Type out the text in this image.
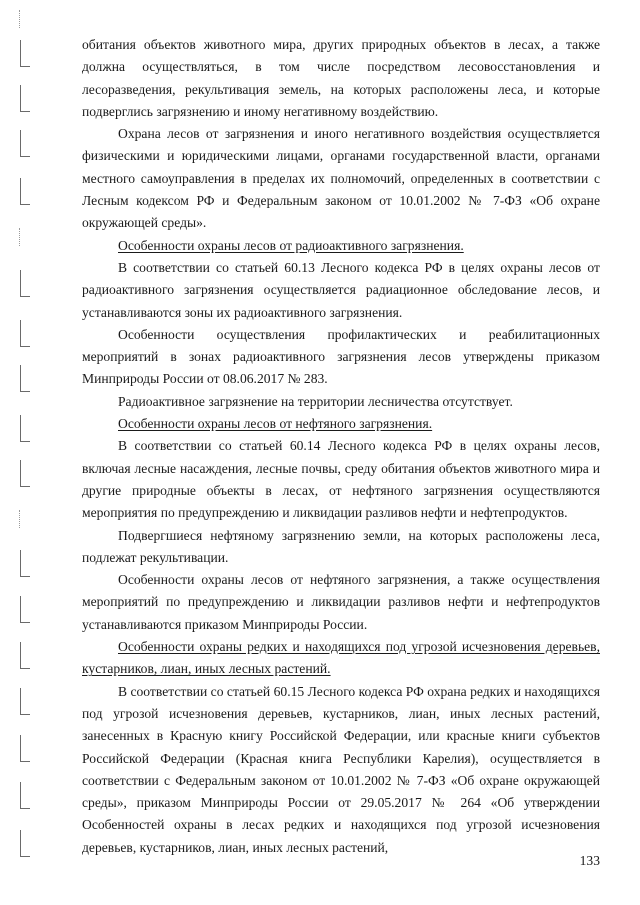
обитания объектов животного мира, других природных объектов в лесах, а также должна осуществляться, в том числе посредством лесовосстановления и лесоразведения, рекультивация земель, на которых расположены леса, и которые подверглись загрязнению и иному негативному воздействию.

Охрана лесов от загрязнения и иного негативного воздействия осуществляется физическими и юридическими лицами, органами государственной власти, органами местного самоуправления в пределах их полномочий, определенных в соответствии с Лесным кодексом РФ и Федеральным законом от 10.01.2002 № 7-ФЗ «Об охране окружающей среды».

Особенности охраны лесов от радиоактивного загрязнения.

В соответствии со статьей 60.13 Лесного кодекса РФ в целях охраны лесов от радиоактивного загрязнения осуществляется радиационное обследование лесов, и устанавливаются зоны их радиоактивного загрязнения.

Особенности осуществления профилактических и реабилитационных мероприятий в зонах радиоактивного загрязнения лесов утверждены приказом Минприроды России от 08.06.2017 № 283.

Радиоактивное загрязнение на территории лесничества отсутствует.

Особенности охраны лесов от нефтяного загрязнения.

В соответствии со статьей 60.14 Лесного кодекса РФ в целях охраны лесов, включая лесные насаждения, лесные почвы, среду обитания объектов животного мира и другие природные объекты в лесах, от нефтяного загрязнения осуществляются мероприятия по предупреждению и ликвидации разливов нефти и нефтепродуктов.

Подвергшиеся нефтяному загрязнению земли, на которых расположены леса, подлежат рекультивации.

Особенности охраны лесов от нефтяного загрязнения, а также осуществления мероприятий по предупреждению и ликвидации разливов нефти и нефтепродуктов устанавливаются приказом Минприроды России.

Особенности охраны редких и находящихся под угрозой исчезновения деревьев, кустарников, лиан, иных лесных растений.

В соответствии со статьей 60.15 Лесного кодекса РФ охрана редких и находящихся под угрозой исчезновения деревьев, кустарников, лиан, иных лесных растений, занесенных в Красную книгу Российской Федерации, или красные книги субъектов Российской Федерации (Красная книга Республики Карелия), осуществляется в соответствии с Федеральным законом от 10.01.2002 № 7-ФЗ «Об охране окружающей среды», приказом Минприроды России от 29.05.2017 № 264 «Об утверждении Особенностей охраны в лесах редких и находящихся под угрозой исчезновения деревьев, кустарников, лиан, иных лесных растений,

133
